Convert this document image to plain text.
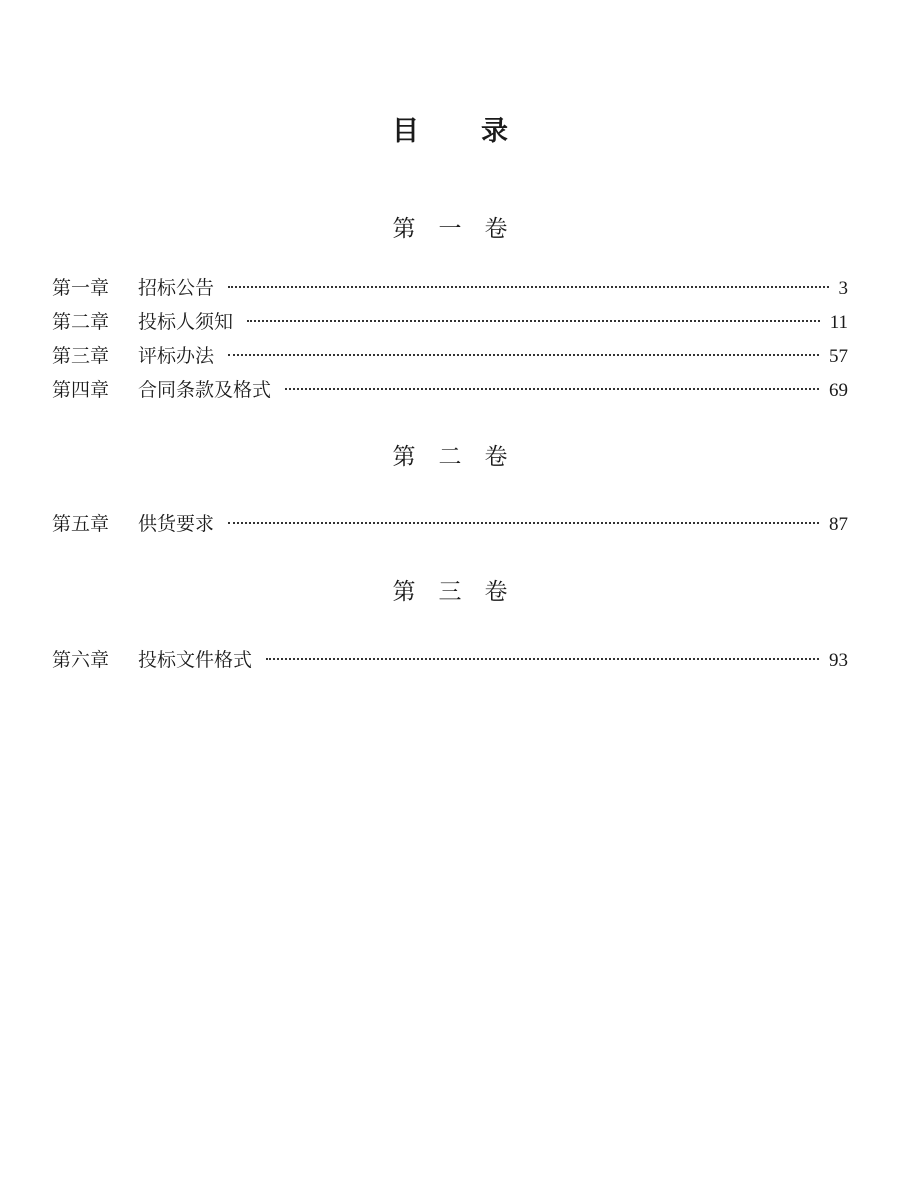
目 录
第　一　卷
第一章	招标公告	3
第二章	投标人须知	11
第三章	评标办法	57
第四章	合同条款及格式	69
第　二　卷
第五章	供货要求	87
第　三　卷
第六章	投标文件格式	93
